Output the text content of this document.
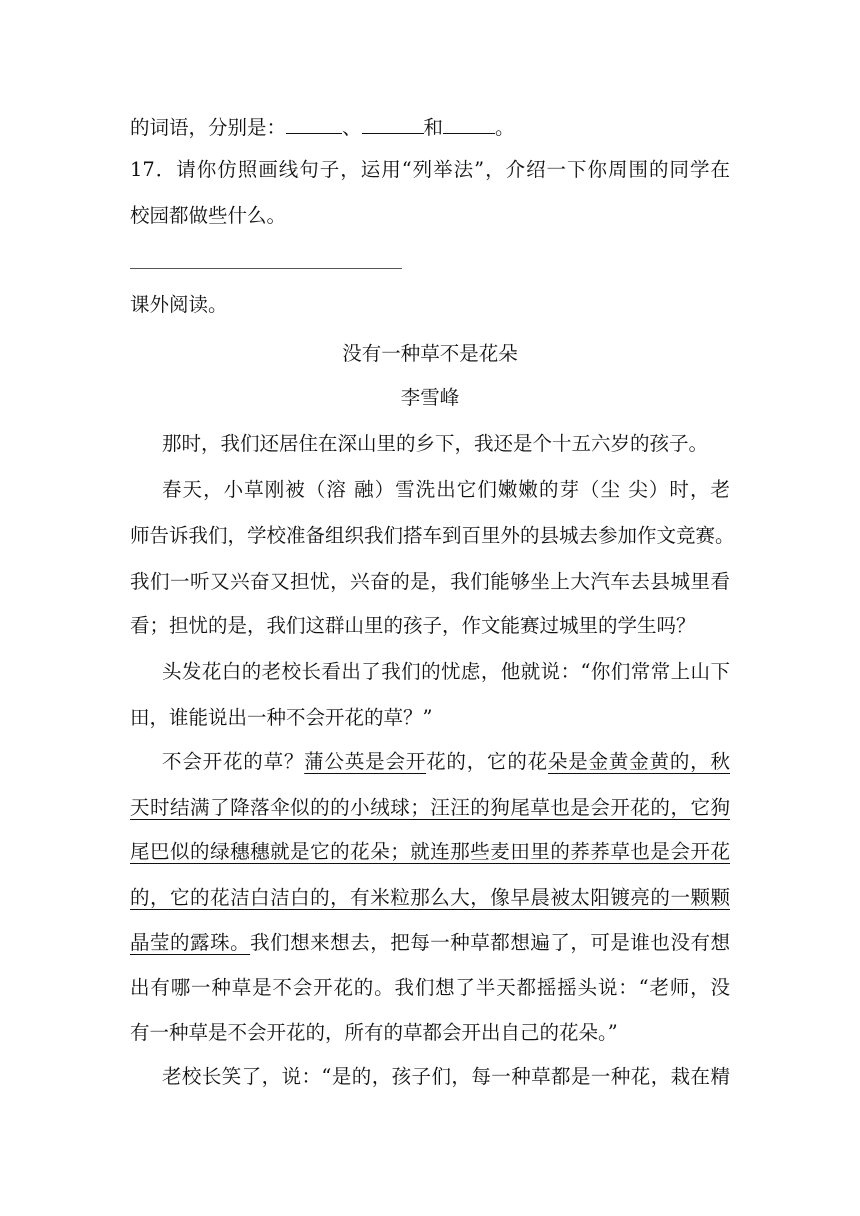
的词语，分别是：	、	和	。
17．请你仿照画线句子，运用“列举法”，介绍一下你周围的同学在
校园都做些什么。
课外阅读。
没有一种草不是花朵
李雪峰
那时，我们还居住在深山里的乡下，我还是个十五六岁的孩子。
春天，小草刚被（溶 融）雪洗出它们嫩嫩的芽（尘 尖）时，老
师告诉我们，学校准备组织我们搭车到百里外的县城去参加作文竞赛。
我们一听又兴奋又担忧，兴奋的是，我们能够坐上大汽车去县城里看
看；担忧的是，我们这群山里的孩子，作文能赛过城里的学生吗？
头发花白的老校长看出了我们的忧虑，他就说：“你们常常上山下
田，谁能说出一种不会开花的草？”
不会开花的草？蒲公英是会开花的，它的花朵是金黄金黄的，秋
天时结满了降落伞似的的小绒球；汪汪的狗尾草也是会开花的，它狗
尾巴似的绿穗穗就是它的花朵；就连那些麦田里的荞荞草也是会开花
的，它的花洁白洁白的，有米粒那么大，像早晨被太阳镀亮的一颗颗
晶莹的露珠。我们想来想去，把每一种草都想遍了，可是谁也没有想
出有哪一种草是不会开花的。我们想了半天都摇摇头说：“老师，没
有一种草是不会开花的，所有的草都会开出自己的花朵。”
老校长笑了，说：“是的，孩子们，每一种草都是一种花，栽在精
